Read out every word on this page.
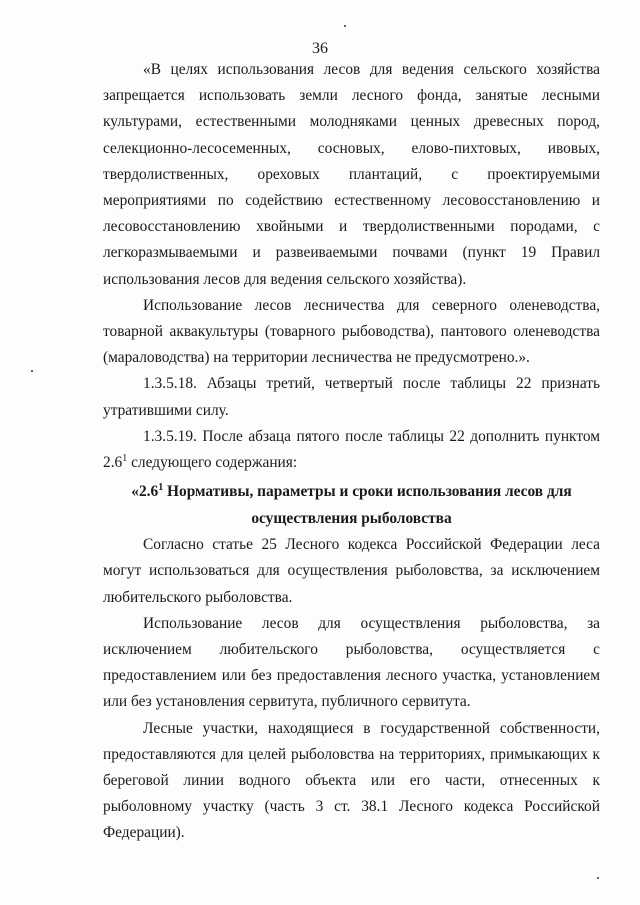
36

«В целях использования лесов для ведения сельского хозяйства запрещается использовать земли лесного фонда, занятые лесными культурами, естественными молодняками ценных древесных пород, селекционно-лесосеменных, сосновых, елово-пихтовых, ивовых, твердолиственных, ореховых плантаций, с проектируемыми мероприятиями по содействию естественному лесовосстановлению и лесовосстановлению хвойными и твердолиственными породами, с легкоразмываемыми и развеиваемыми почвами (пункт 19 Правил использования лесов для ведения сельского хозяйства).

Использование лесов лесничества для северного оленеводства, товарной аквакультуры (товарного рыбоводства), пантового оленеводства (мараловодства) на территории лесничества не предусмотрено.».

1.3.5.18. Абзацы третий, четвертый после таблицы 22 признать утратившими силу.

1.3.5.19. После абзаца пятого после таблицы 22 дополнить пунктом $2.6^1$ следующего содержания:

«$2.6^1$ Нормативы, параметры и сроки использования лесов для

осуществления рыболовства

Согласно статье 25 Лесного кодекса Российской Федерации леса могут использоваться для осуществления рыболовства, за исключением любительского рыболовства.

Использование лесов для осуществления рыболовства, за исключением любительского рыболовства, осуществляется с предоставлением или без предоставления лесного участка, установлением или без установления сервитута, публичного сервитута.

Лесные участки, находящиеся в государственной собственности, предоставляются для целей рыболовства на территориях, примыкающих к береговой линии водного объекта или его части, отнесенных к рыболовному участку (часть 3 ст. 38.1 Лесного кодекса Российской Федерации).
